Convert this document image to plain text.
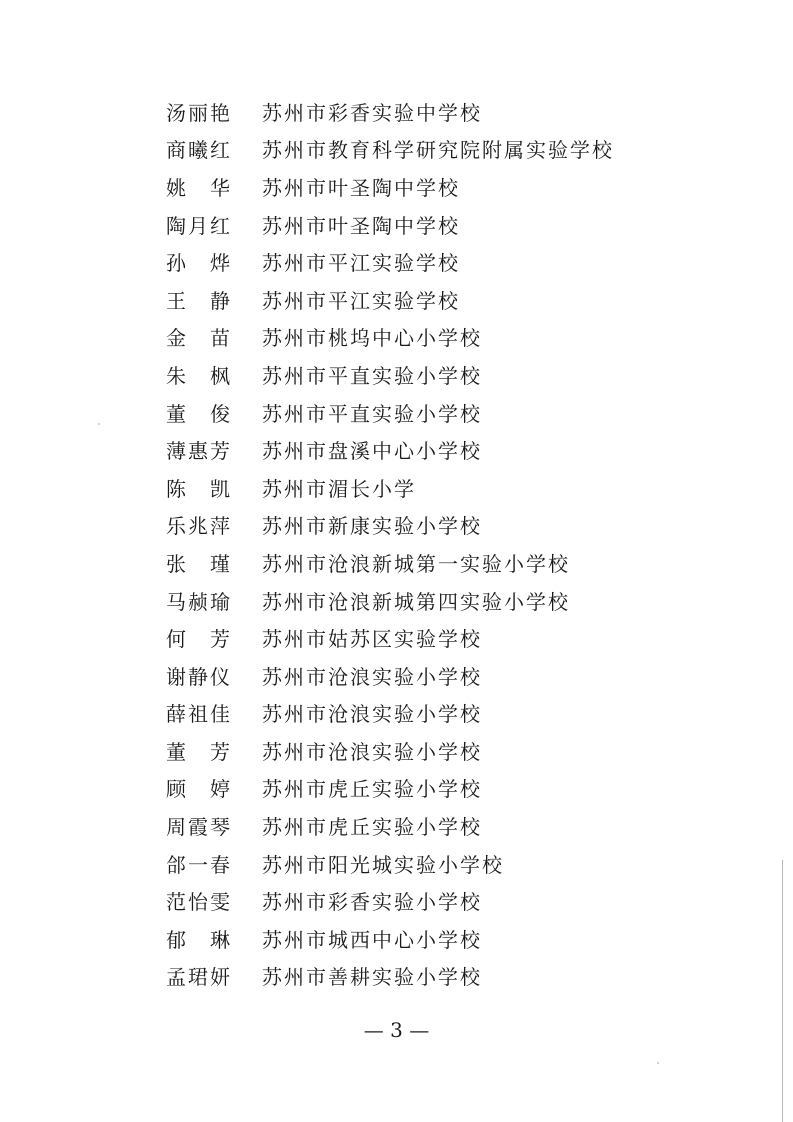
汤丽艳 苏州市彩香实验中学校
商曦红 苏州市教育科学研究院附属实验学校
姚华 苏州市叶圣陶中学校
陶月红 苏州市叶圣陶中学校
孙烨 苏州市平江实验学校
王静 苏州市平江实验学校
金苗 苏州市桃坞中心小学校
朱枫 苏州市平直实验小学校
董俊 苏州市平直实验小学校
薄惠芳 苏州市盘溪中心小学校
陈凯 苏州市湄长小学
乐兆萍 苏州市新康实验小学校
张瑾 苏州市沧浪新城第一实验小学校
马赪瑜 苏州市沧浪新城第四实验小学校
何芳 苏州市姑苏区实验学校
谢静仪 苏州市沧浪实验小学校
薛祖佳 苏州市沧浪实验小学校
董芳 苏州市沧浪实验小学校
顾婷 苏州市虎丘实验小学校
周霞琴 苏州市虎丘实验小学校
郃一春 苏州市阳光城实验小学校
范怡雯 苏州市彩香实验小学校
郁琳 苏州市城西中心小学校
孟珺妍 苏州市善耕实验小学校
— 3 —
